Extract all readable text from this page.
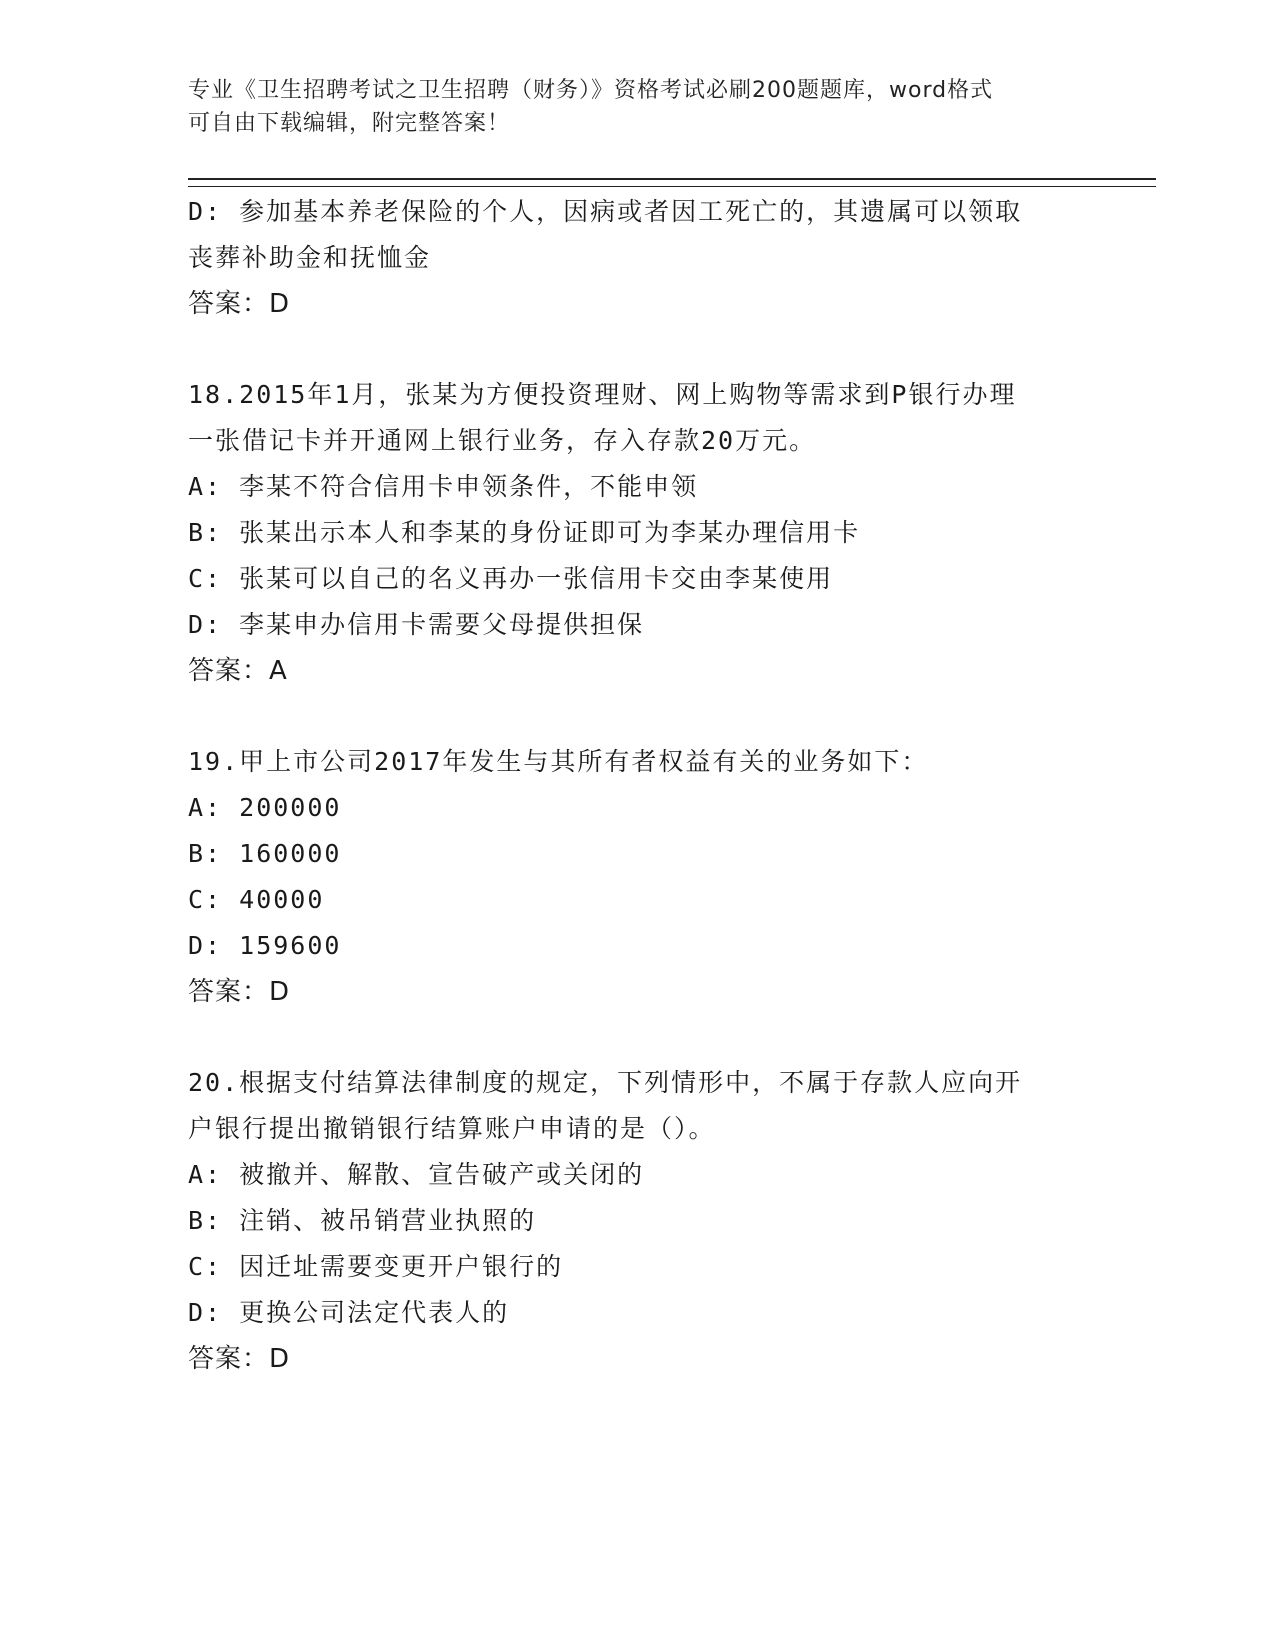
专业《卫生招聘考试之卫生招聘（财务）》资格考试必刷200题题库，word格式
可自由下载编辑，附完整答案！

D: 参加基本养老保险的个人，因病或者因工死亡的，其遗属可以领取

丧葬补助金和抚恤金

答案：D

18.2015年1月，张某为方便投资理财、网上购物等需求到P银行办理

一张借记卡并开通网上银行业务，存入存款20万元。

A: 李某不符合信用卡申领条件，不能申领

B: 张某出示本人和李某的身份证即可为李某办理信用卡

C: 张某可以自己的名义再办一张信用卡交由李某使用

D: 李某申办信用卡需要父母提供担保

答案：A

19.甲上市公司2017年发生与其所有者权益有关的业务如下：

A: 200000

B: 160000

C: 40000

D: 159600

答案：D

20.根据支付结算法律制度的规定，下列情形中，不属于存款人应向开

户银行提出撤销银行结算账户申请的是（）。

A: 被撤并、解散、宣告破产或关闭的

B: 注销、被吊销营业执照的

C: 因迁址需要变更开户银行的

D: 更换公司法定代表人的

答案：D
